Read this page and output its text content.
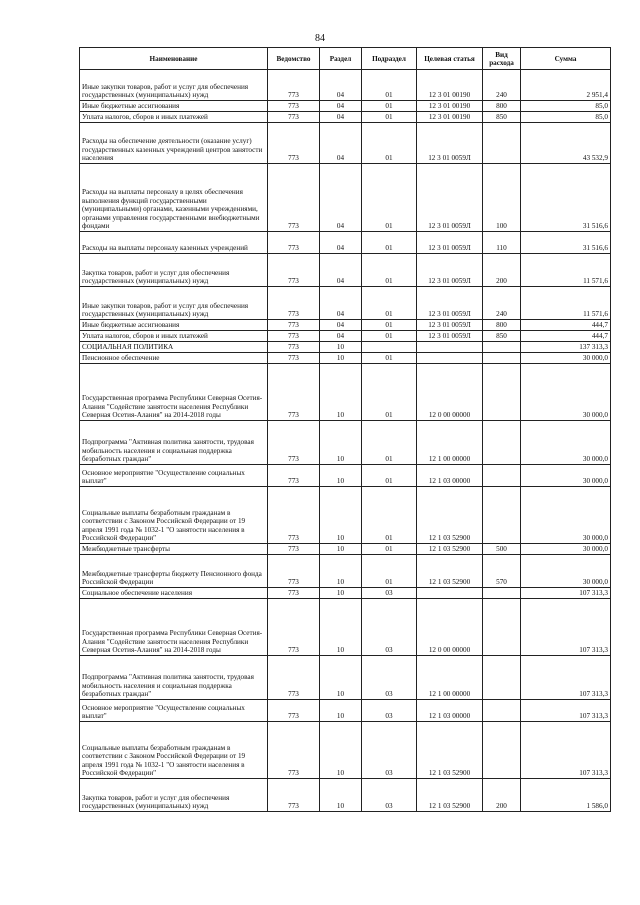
84
Наименование	Ведомство	Раздел	Подраздел	Целевая статья	Вид расхода	Сумма
Иные закупки товаров, работ и услуг для обеспечения государственных (муниципальных) нужд	773	04	01	12 3 01 00190	240	2 951,4
Иные бюджетные ассигнования	773	04	01	12 3 01 00190	800	85,0
Уплата налогов, сборов и иных платежей	773	04	01	12 3 01 00190	850	85,0
Расходы на обеспечение деятельности (оказание услуг) государственных казенных учреждений центров занятости населения	773	04	01	12 3 01 0059Л		43 532,9
Расходы на выплаты персоналу в целях обеспечения выполнения функций государственными (муниципальными) органами, казенными учреждениями, органами управления государственными внебюджетными фондами	773	04	01	12 3 01 0059Л	100	31 516,6
Расходы на выплаты персоналу казенных учреждений	773	04	01	12 3 01 0059Л	110	31 516,6
Закупка товаров, работ и услуг для обеспечения государственных (муниципальных) нужд	773	04	01	12 3 01 0059Л	200	11 571,6
Иные закупки товаров, работ и услуг для обеспечения государственных (муниципальных) нужд	773	04	01	12 3 01 0059Л	240	11 571,6
Иные бюджетные ассигнования	773	04	01	12 3 01 0059Л	800	444,7
Уплата налогов, сборов и иных платежей	773	04	01	12 3 01 0059Л	850	444,7
СОЦИАЛЬНАЯ ПОЛИТИКА	773	10				137 313,3
Пенсионное обеспечение	773	10	01			30 000,0
Государственная программа Республики Северная Осетия-Алания "Содействие занятости населения Республики Северная Осетия-Алания" на 2014-2018 годы	773	10	01	12 0 00 00000		30 000,0
Подпрограмма "Активная политика занятости, трудовая мобильность населения и социальная поддержка безработных граждан"	773	10	01	12 1 00 00000		30 000,0
Основное мероприятие "Осуществление социальных выплат"	773	10	01	12 1 03 00000		30 000,0
Социальные выплаты безработным гражданам в соответствии с Законом Российской Федерации от 19 апреля 1991 года № 1032-1 "О занятости населения в Российской Федерации"	773	10	01	12 1 03 52900		30 000,0
Межбюджетные трансферты	773	10	01	12 1 03 52900	500	30 000,0
Межбюджетные трансферты бюджету Пенсионного фонда Российской Федерации	773	10	01	12 1 03 52900	570	30 000,0
Социальное обеспечение населения	773	10	03			107 313,3
Государственная программа Республики Северная Осетия-Алания "Содействие занятости населения Республики Северная Осетия-Алания" на 2014-2018 годы	773	10	03	12 0 00 00000		107 313,3
Подпрограмма "Активная политика занятости, трудовая мобильность населения и социальная поддержка безработных граждан"	773	10	03	12 1 00 00000		107 313,3
Основное мероприятие "Осуществление социальных выплат"	773	10	03	12 1 03 00000		107 313,3
Социальные выплаты безработным гражданам в соответствии с Законом Российской Федерации от 19 апреля 1991 года № 1032-1 "О занятости населения в Российской Федерации"	773	10	03	12 1 03 52900		107 313,3
Закупка товаров, работ и услуг для обеспечения государственных (муниципальных) нужд	773	10	03	12 1 03 52900	200	1 586,0
